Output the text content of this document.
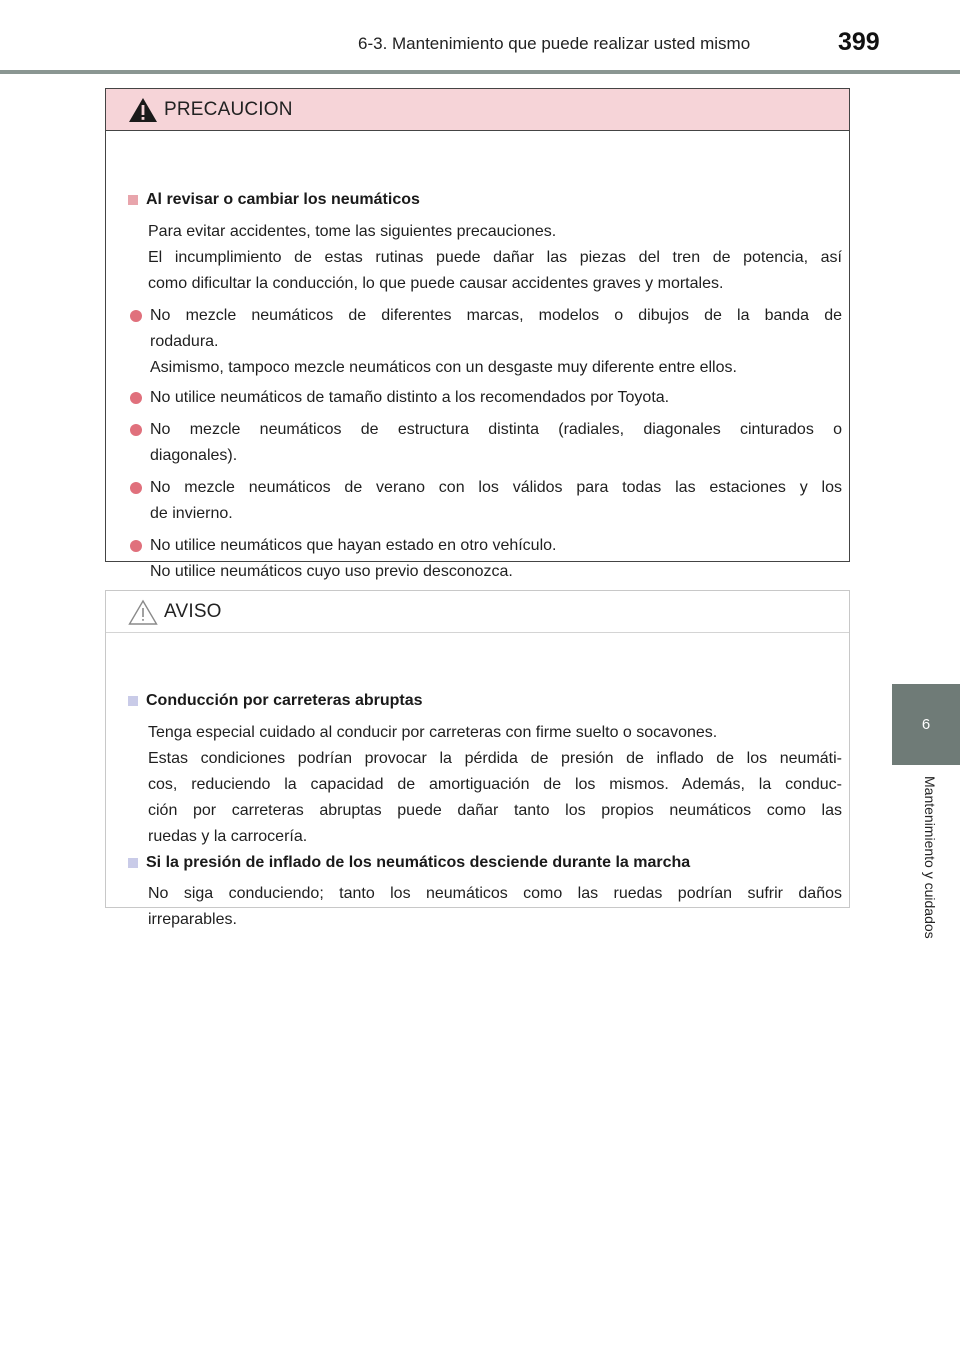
6-3. Mantenimiento que puede realizar usted mismo	399
6
Mantenimiento y cuidados
PRECAUCION
Al revisar o cambiar los neumáticos
Para evitar accidentes, tome las siguientes precauciones.
El incumplimiento de estas rutinas puede dañar las piezas del tren de potencia, así
como dificultar la conducción, lo que puede causar accidentes graves y mortales.
No mezcle neumáticos de diferentes marcas, modelos o dibujos de la banda de
rodadura.
Asimismo, tampoco mezcle neumáticos con un desgaste muy diferente entre ellos.
No utilice neumáticos de tamaño distinto a los recomendados por Toyota.
No mezcle neumáticos de estructura distinta (radiales, diagonales cinturados o
diagonales).
No mezcle neumáticos de verano con los válidos para todas las estaciones y los
de invierno.
No utilice neumáticos que hayan estado en otro vehículo.
No utilice neumáticos cuyo uso previo desconozca.
AVISO
Conducción por carreteras abruptas
Tenga especial cuidado al conducir por carreteras con firme suelto o socavones.
Estas condiciones podrían provocar la pérdida de presión de inflado de los neumáti-
cos, reduciendo la capacidad de amortiguación de los mismos. Además, la conduc-
ción por carreteras abruptas puede dañar tanto los propios neumáticos como las
ruedas y la carrocería.
Si la presión de inflado de los neumáticos desciende durante la marcha
No siga conduciendo; tanto los neumáticos como las ruedas podrían sufrir daños
irreparables.
